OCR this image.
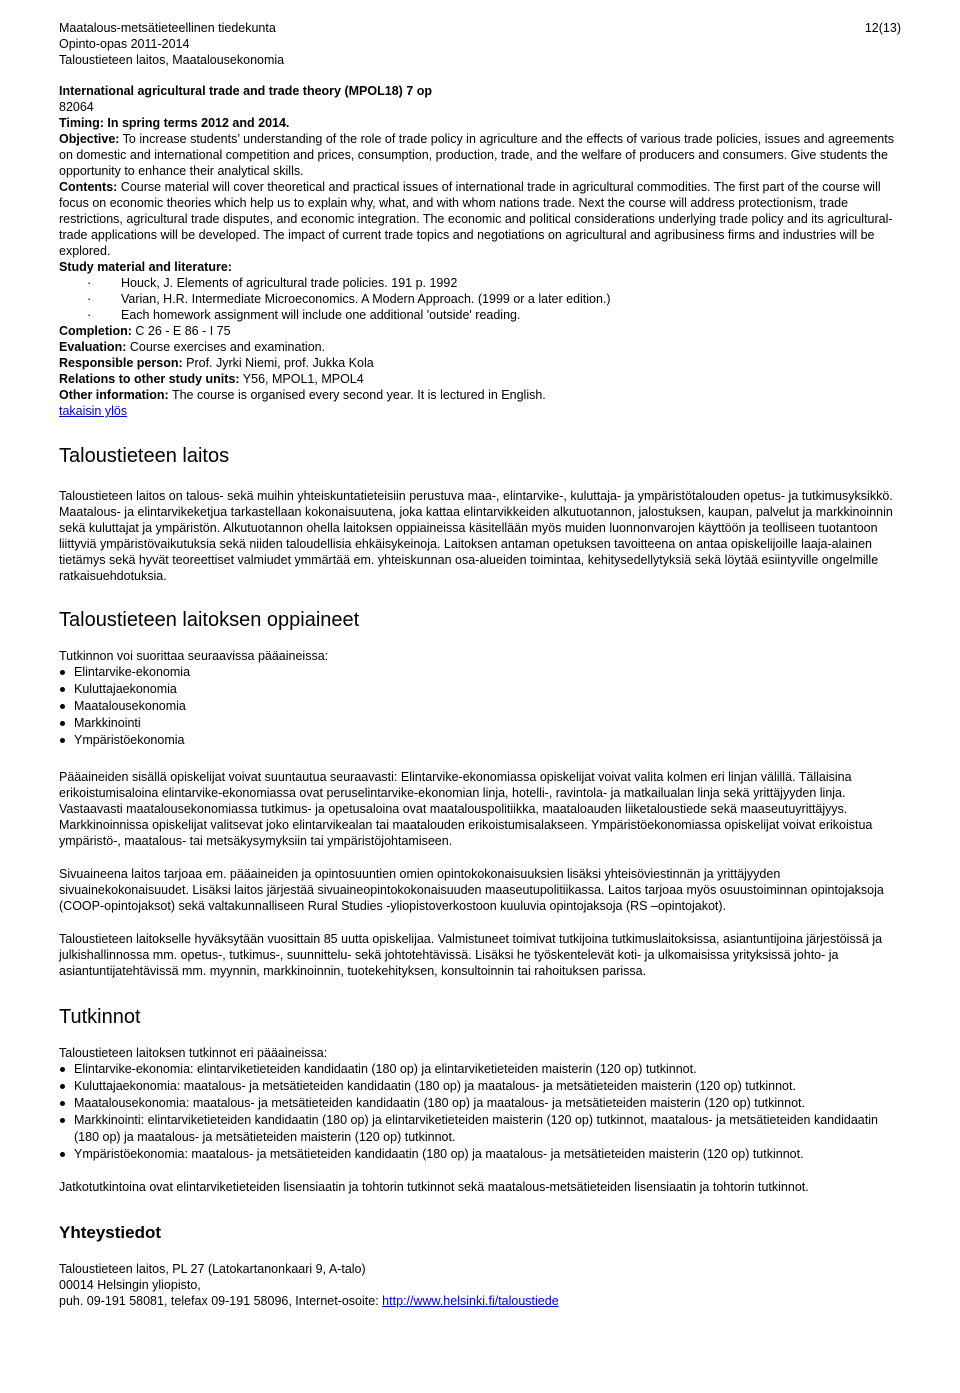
Maatalous-metsätieteellinen tiedekunta
Opinto-opas 2011-2014
Taloustieteen laitos, Maatalousekonomia
12(13)

International agricultural trade and trade theory (MPOL18) 7 op

82064

Timing: In spring terms 2012 and 2014.

Objective: To increase students’ understanding of the role of trade policy in agriculture and the effects of various trade policies, issues and agreements on domestic and international competition and prices, consumption, production, trade, and the welfare of producers and consumers. Give students the opportunity to enhance their analytical skills.

Contents: Course material will cover theoretical and practical issues of international trade in agricultural commodities. The first part of the course will focus on economic theories which help us to explain why, what, and with whom nations trade. Next the course will address protectionism, trade restrictions, agricultural trade disputes, and economic integration. The economic and political considerations underlying trade policy and its agricultural-trade applications will be developed. The impact of current trade topics and negotiations on agricultural and agribusiness firms and industries will be explored.

Study material and literature:

· Houck, J. Elements of agricultural trade policies. 191 p. 1992
· Varian, H.R. Intermediate Microeconomics. A Modern Approach. (1999 or a later edition.)
· Each homework assignment will include one additional 'outside' reading.

Completion: C 26 - E 86 - I 75

Evaluation: Course exercises and examination.

Responsible person: Prof. Jyrki Niemi, prof. Jukka Kola

Relations to other study units: Y56, MPOL1, MPOL4

Other information: The course is organised every second year. It is lectured in English.

takaisin ylös

Taloustieteen laitos

Taloustieteen laitos on talous- sekä muihin yhteiskuntatieteisiin perustuva maa-, elintarvike-, kuluttaja- ja ympäristötalouden opetus- ja tutkimusyksikkö. Maatalous- ja elintarvikeketjua tarkastellaan kokonaisuutena, joka kattaa elintarvikkeiden alkutuotannon, jalostuksen, kaupan, palvelut ja markkinoinnin sekä kuluttajat ja ympäristön. Alkutuotannon ohella laitoksen oppiaineissa käsitellään myös muiden luonnonvarojen käyttöön ja teolliseen tuotantoon liittyviä ympäristövaikutuksia sekä niiden taloudellisia ehkäisykeinoja. Laitoksen antaman opetuksen tavoitteena on antaa opiskelijoille laaja-alainen tietämys sekä hyvät teoreettiset valmiudet ymmärtää em. yhteiskunnan osa-alueiden toimintaa, kehitysedellytyksiä sekä löytää esiintyville ongelmille ratkaisuehdotuksia.

Taloustieteen laitoksen oppiaineet

Tutkinnon voi suorittaa seuraavissa pääaineissa:

Elintarvike-ekonomia
Kuluttajaekonomia
Maatalousekonomia
Markkinointi
Ympäristöekonomia

Pääaineiden sisällä opiskelijat voivat suuntautua seuraavasti: Elintarvike-ekonomiassa opiskelijat voivat valita kolmen eri linjan välillä. Tällaisina erikoistumisaloina elintarvike-ekonomiassa ovat peruselintarvike-ekonomian linja, hotelli-, ravintola- ja matkailualan linja sekä yrittäjyyden linja. Vastaavasti maatalousekonomiassa tutkimus- ja opetusaloina ovat maatalouspolitiikka, maataloauden liiketaloustiede sekä maaseutuyrittäjyys. Markkinoinnissa opiskelijat valitsevat joko elintarvikealan tai maatalouden erikoistumisalakseen. Ympäristöekonomiassa opiskelijat voivat erikoistua ympäristö-, maatalous- tai metsäkysymyksiin tai ympäristöjohtamiseen.

Sivuaineena laitos tarjoaa em. pääaineiden ja opintosuuntien omien opintokokonaisuuksien lisäksi yhteisöviestinnän ja yrittäjyyden sivuainekokonaisuudet. Lisäksi laitos järjestää sivuaineopintokokonaisuuden maaseutupolitiikassa. Laitos tarjoaa myös osuustoiminnan opintojaksoja (COOP-opintojaksot) sekä valtakunnalliseen Rural Studies -yliopistoverkostoon kuuluvia opintojaksoja (RS –opintojakot).

Taloustieteen laitokselle hyväksytään vuosittain 85 uutta opiskelijaa. Valmistuneet toimivat tutkijoina tutkimuslaitoksissa, asiantuntijoina järjestöissä ja julkishallinnossa mm. opetus-, tutkimus-, suunnittelu- sekä johtotehtävissä. Lisäksi he työskentelevät koti- ja ulkomaisissa yrityksissä johto- ja asiantuntijatehtävissä mm. myynnin, markkinoinnin, tuotekehityksen, konsultoinnin tai rahoituksen parissa.

Tutkinnot

Taloustieteen laitoksen tutkinnot eri pääaineissa:

Elintarvike-ekonomia: elintarviketieteiden kandidaatin (180 op) ja elintarviketieteiden maisterin (120 op) tutkinnot.
Kuluttajaekonomia: maatalous- ja metsätieteiden kandidaatin (180 op) ja maatalous- ja metsätieteiden maisterin (120 op) tutkinnot.
Maatalousekonomia: maatalous- ja metsätieteiden kandidaatin (180 op) ja maatalous- ja metsätieteiden maisterin (120 op) tutkinnot.
Markkinointi: elintarviketieteiden kandidaatin (180 op) ja elintarviketieteiden maisterin (120 op) tutkinnot, maatalous- ja metsätieteiden kandidaatin (180 op) ja maatalous- ja metsätieteiden maisterin (120 op) tutkinnot.
Ympäristöekonomia: maatalous- ja metsätieteiden kandidaatin (180 op) ja maatalous- ja metsätieteiden maisterin (120 op) tutkinnot.

Jatkotutkintoina ovat elintarviketieteiden lisensiaatin ja tohtorin tutkinnot sekä maatalous-metsätieteiden lisensiaatin ja tohtorin tutkinnot.

Yhteystiedot
Taloustieteen laitos, PL 27 (Latokartanonkaari 9, A-talo)
00014 Helsingin yliopisto,
puh. 09-191 58081, telefax 09-191 58096, Internet-osoite: http://www.helsinki.fi/taloustiede
